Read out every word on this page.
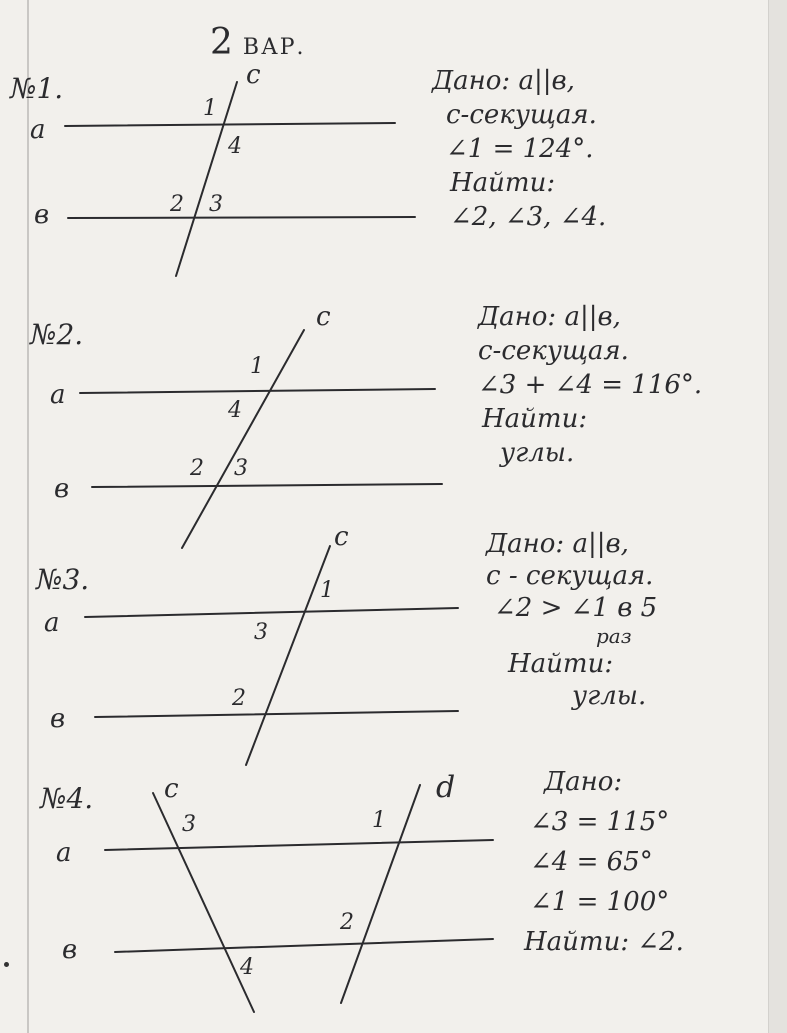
2 ВАР.
№1.
а
в
с
1
4
2 3
Дано: а||в,
с-секущая.
∠1 = 124°.
Найти:
∠2, ∠3, ∠4.
№2.
а
в
с
1
4
2 3
Дано: а||в,
с-секущая.
∠3 + ∠4 = 116°.
Найти:
углы.
№3.
а
в
с
1
3
2
Дано: а||в,
с - секущая.
∠2 > ∠1 в 5
раз
Найти:
углы.
№4.
а
в
с	d
3	1
2
4
Дано:
∠3 = 115°
∠4 = 65°
∠1 = 100°
Найти: ∠2.
